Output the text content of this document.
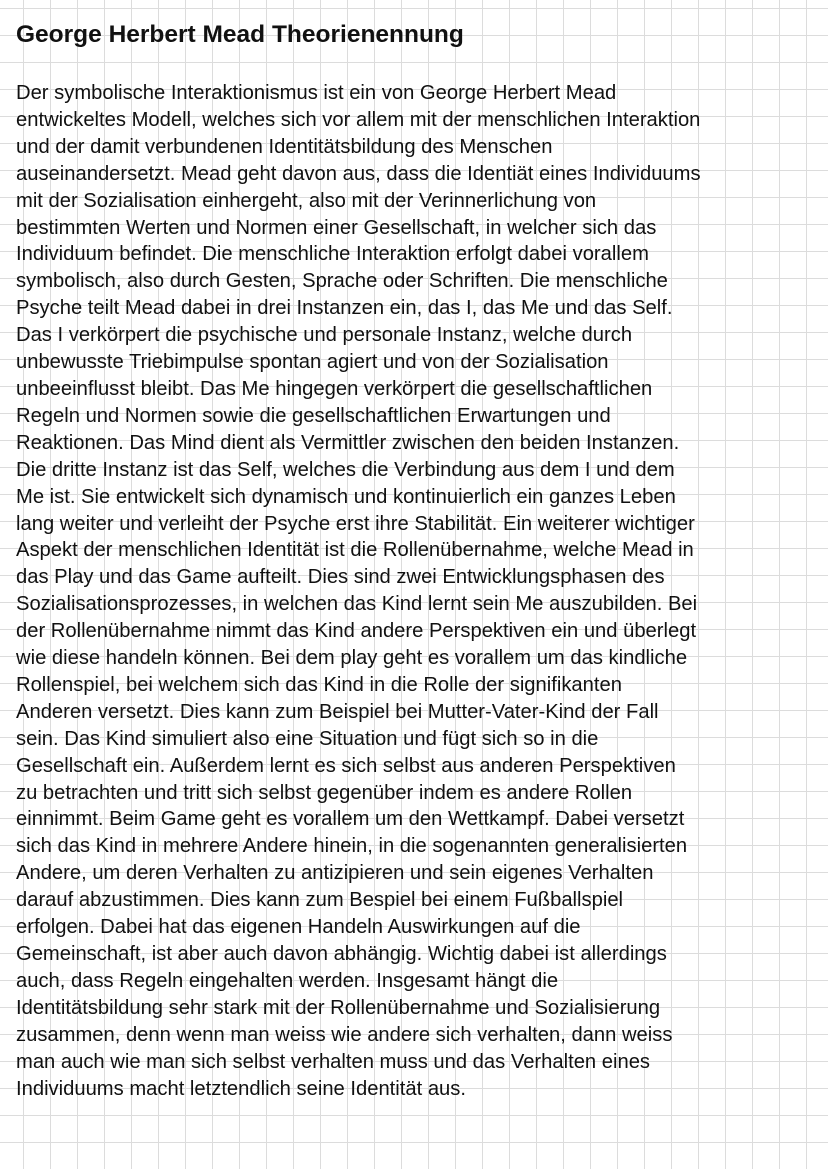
George Herbert Mead Theorienennung

Der symbolische Interaktionismus ist ein von George Herbert Mead
entwickeltes Modell, welches sich vor allem mit der menschlichen Interaktion
und der damit verbundenen Identitätsbildung des Menschen
auseinandersetzt. Mead geht davon aus, dass die Identiät eines Individuums
mit der Sozialisation einhergeht, also mit der Verinnerlichung von
bestimmten Werten und Normen einer Gesellschaft, in welcher sich das
Individuum befindet. Die menschliche Interaktion erfolgt dabei vorallem
symbolisch, also durch Gesten, Sprache oder Schriften. Die menschliche
Psyche teilt Mead dabei in drei Instanzen ein, das I, das Me und das Self.
Das I verkörpert die psychische und personale Instanz, welche durch
unbewusste Triebimpulse spontan agiert und von der Sozialisation
unbeeinflusst bleibt. Das Me hingegen verkörpert die gesellschaftlichen
Regeln und Normen sowie die gesellschaftlichen Erwartungen und
Reaktionen. Das Mind dient als Vermittler zwischen den beiden Instanzen.
Die dritte Instanz ist das Self, welches die Verbindung aus dem I und dem
Me ist. Sie entwickelt sich dynamisch und kontinuierlich ein ganzes Leben
lang weiter und verleiht der Psyche erst ihre Stabilität. Ein weiterer wichtiger
Aspekt der menschlichen Identität ist die Rollenübernahme, welche Mead in
das Play und das Game aufteilt. Dies sind zwei Entwicklungsphasen des
Sozialisationsprozesses, in welchen das Kind lernt sein Me auszubilden. Bei
der Rollenübernahme nimmt das Kind andere Perspektiven ein und überlegt
wie diese handeln können. Bei dem play geht es vorallem um das kindliche
Rollenspiel, bei welchem sich das Kind in die Rolle der signifikanten
Anderen versetzt. Dies kann zum Beispiel bei Mutter-Vater-Kind der Fall
sein. Das Kind simuliert also eine Situation und fügt sich so in die
Gesellschaft ein. Außerdem lernt es sich selbst aus anderen Perspektiven
zu betrachten und tritt sich selbst gegenüber indem es andere Rollen
einnimmt. Beim Game geht es vorallem um den Wettkampf. Dabei versetzt
sich das Kind in mehrere Andere hinein, in die sogenannten generalisierten
Andere, um deren Verhalten zu antizipieren und sein eigenes Verhalten
darauf abzustimmen. Dies kann zum Bespiel bei einem Fußballspiel
erfolgen. Dabei hat das eigenen Handeln Auswirkungen auf die
Gemeinschaft, ist aber auch davon abhängig. Wichtig dabei ist allerdings
auch, dass Regeln eingehalten werden. Insgesamt hängt die
Identitätsbildung sehr stark mit der Rollenübernahme und Sozialisierung
zusammen, denn wenn man weiss wie andere sich verhalten, dann weiss
man auch wie man sich selbst verhalten muss und das Verhalten eines
Individuums macht letztendlich seine Identität aus.
